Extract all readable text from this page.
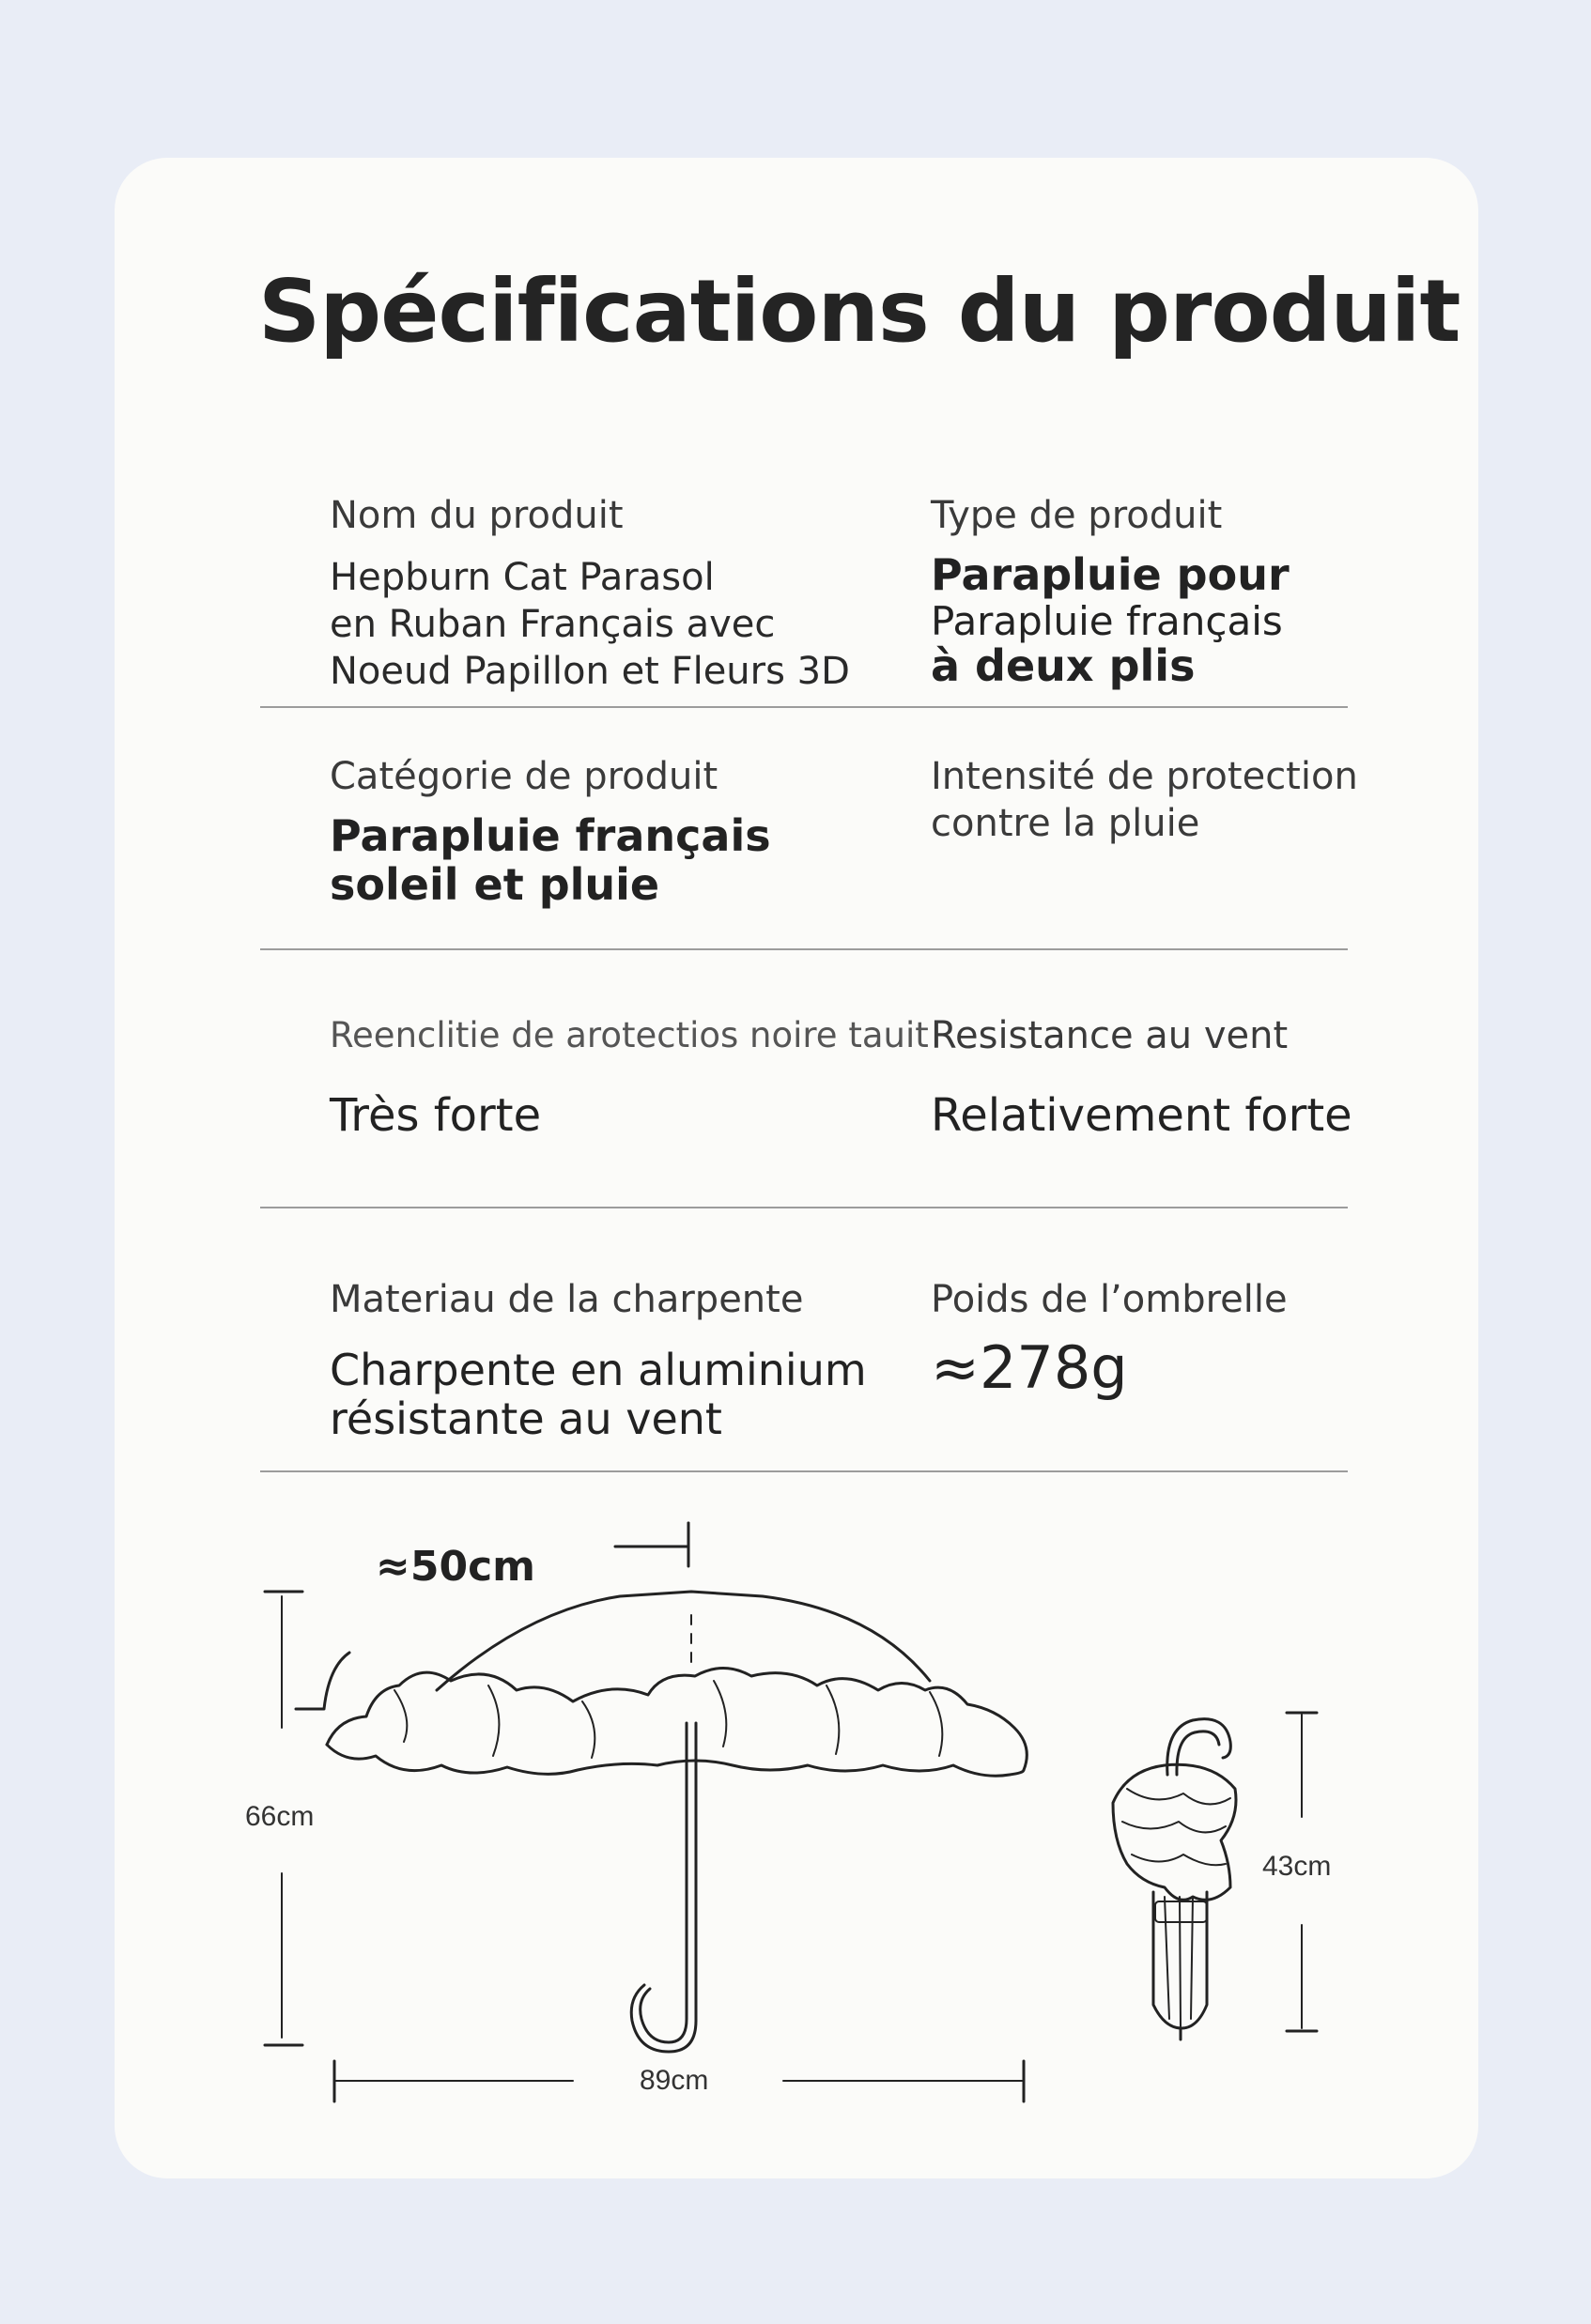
Spécifications du produit
Nom du produit
Hepburn Cat Parasol
en Ruban Français avec
Noeud Papillon et Fleurs 3D
Type de produit
Parapluie pour
Parapluie français
à deux plis
Catégorie de produit
Parapluie français
soleil et pluie
Intensité de protection
contre la pluie
Reenclitie de arotectios noire tauit
Très forte
Resistance au vent
Relativement forte
Materiau de la charpente
Charpente en aluminium
résistante au vent
Poids de l’ombrelle
≈278g
≈50cm
66cm
89cm
43cm
